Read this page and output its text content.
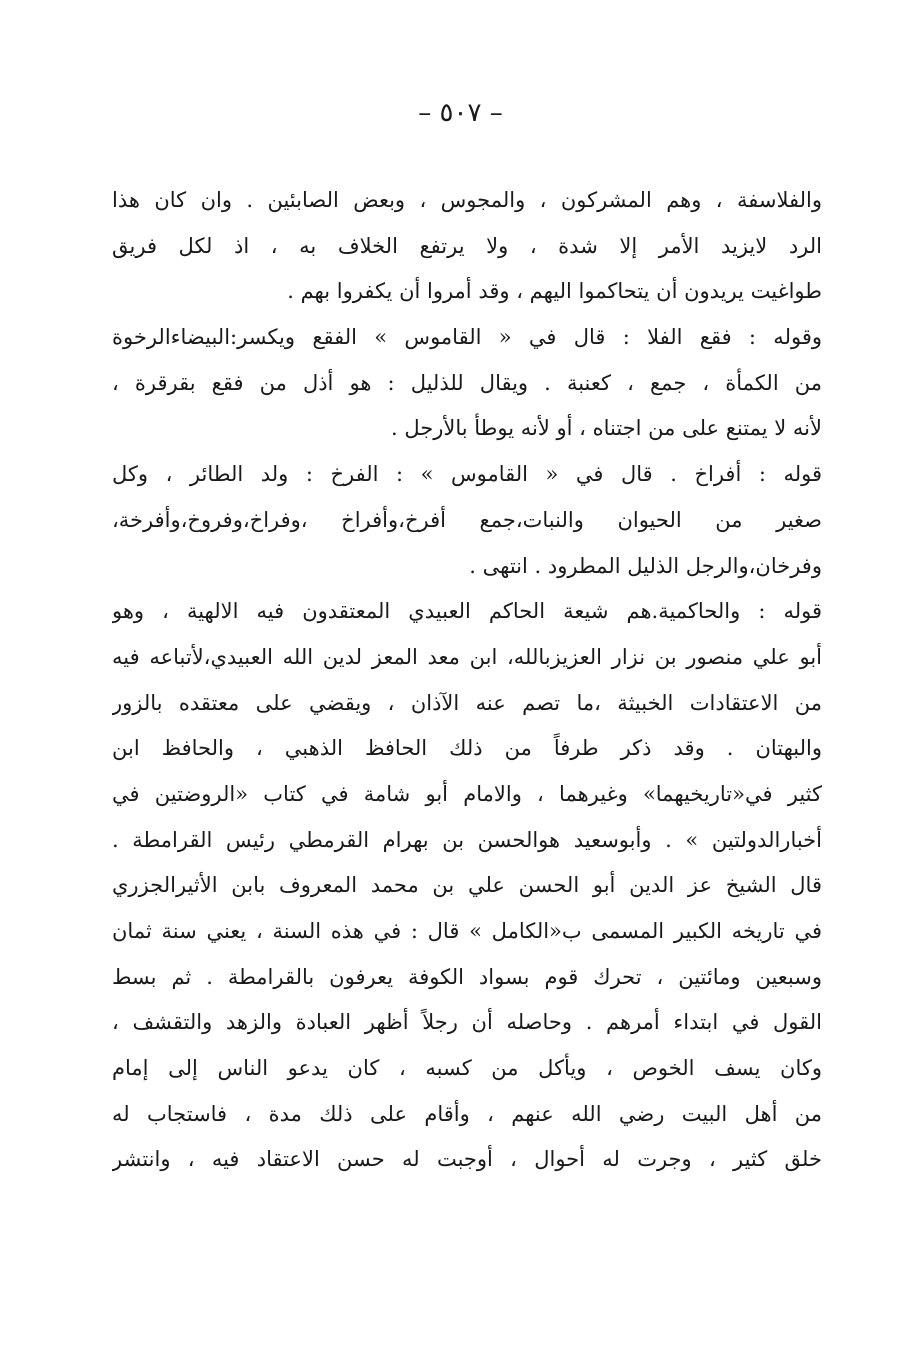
– ٥٠٧ –
والفلاسفة ، وهم المشركون ، والمجوس ، وبعض الصابئين . وان كان هذا
الرد لايزيد الأمر إلا شدة ، ولا يرتفع الخلاف به ، اذ لكل فريق
طواغيت يريدون أن يتحاكموا اليهم ، وقد أمروا أن يكفروا بهم .
وقوله : فقع الفلا : قال في « القاموس » الفقع ويكسر:البيضاءالرخوة
من الكمأة ، جمع ، كعنبة . ويقال للذليل : هو أذل من فقع بقرقرة ،
لأنه لا يمتنع على من اجتناه ، أو لأنه يوطأ بالأرجل .
قوله : أفراخ . قال في « القاموس » : الفرخ : ولد الطائر ، وكل
صغير من الحيوان والنبات،جمع أفرخ،وأفراخ ،وفراخ،وفروخ،وأفرخة،
وفرخان،والرجل الذليل المطرود . انتهى .
قوله : والحاكمية.هم شيعة الحاكم العبيدي المعتقدون فيه الالهية ، وهو
أبو علي منصور بن نزار العزيزبالله، ابن معد المعز لدين الله العبيدي،لأتباعه فيه
من الاعتقادات الخبيثة ،ما تصم عنه الآذان ، ويقضي على معتقده بالزور
والبهتان . وقد ذكر طرفاً من ذلك الحافظ الذهبي ، والحافظ ابن
كثير في«تاريخيهما» وغيرهما ، والامام أبو شامة في كتاب «الروضتين في
أخبارالدولتين » . وأبوسعيد هوالحسن بن بهرام القرمطي رئيس القرامطة .
قال الشيخ عز الدين أبو الحسن علي بن محمد المعروف بابن الأثيرالجزري
في تاريخه الكبير المسمى ب«الكامل » قال : في هذه السنة ، يعني سنة ثمان
وسبعين ومائتين ، تحرك قوم بسواد الكوفة يعرفون بالقرامطة . ثم بسط
القول في ابتداء أمرهم . وحاصله أن رجلاً أظهر العبادة والزهد والتقشف ،
وكان يسف الخوص ، ويأكل من كسبه ، كان يدعو الناس إلى إمام
من أهل البيت رضي الله عنهم ، وأقام على ذلك مدة ، فاستجاب له
خلق كثير ، وجرت له أحوال ، أوجبت له حسن الاعتقاد فيه ، وانتشر
